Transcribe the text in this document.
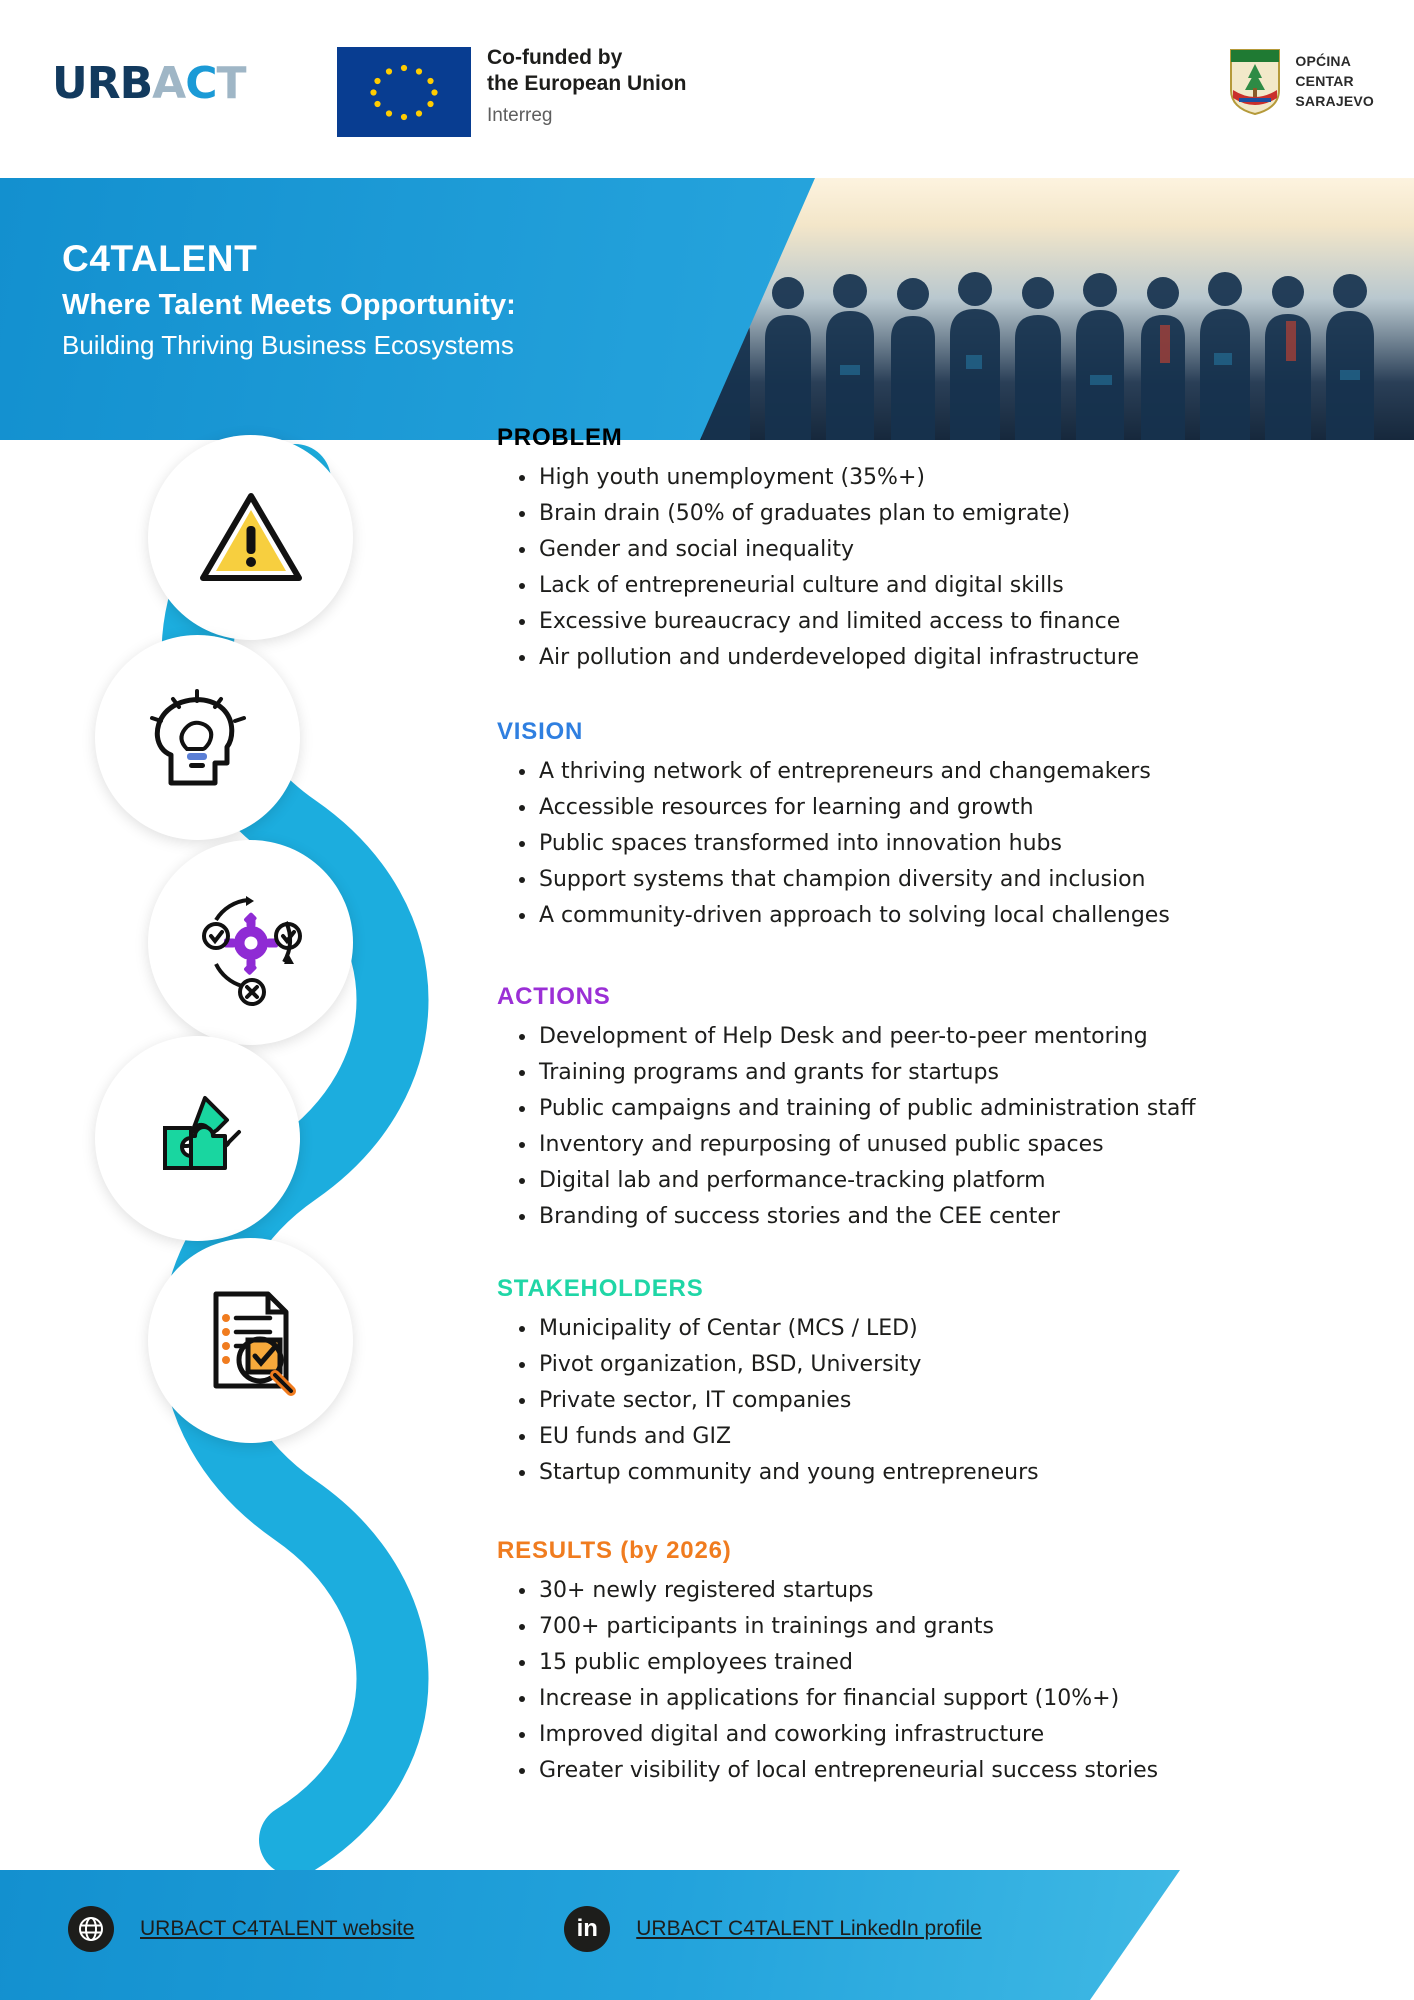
URBACT
Co-funded by
the European Union
Interreg
OPĆINA
CENTAR
SARAJEVO
C4TALENT
Where Talent Meets Opportunity:
Building Thriving Business Ecosystems
PROBLEM
High youth unemployment (35%+)
Brain drain (50% of graduates plan to emigrate)
Gender and social inequality
Lack of entrepreneurial culture and digital skills
Excessive bureaucracy and limited access to finance
Air pollution and underdeveloped digital infrastructure
VISION
A thriving network of entrepreneurs and changemakers
Accessible resources for learning and growth
Public spaces transformed into innovation hubs
Support systems that champion diversity and inclusion
A community-driven approach to solving local challenges
ACTIONS
Development of Help Desk and peer-to-peer mentoring
Training programs and grants for startups
Public campaigns and training of public administration staff
Inventory and repurposing of unused public spaces
Digital lab and performance-tracking platform
Branding of success stories and the CEE center
STAKEHOLDERS
Municipality of Centar (MCS / LED)
Pivot organization, BSD, University
Private sector, IT companies
EU funds and GIZ
Startup community and young entrepreneurs
RESULTS (by 2026)
30+ newly registered startups
700+ participants in trainings and grants
15 public employees trained
Increase in applications for financial support (10%+)
Improved digital and coworking infrastructure
Greater visibility of local entrepreneurial success stories
URBACT C4TALENT website	in URBACT C4TALENT LinkedIn profile
